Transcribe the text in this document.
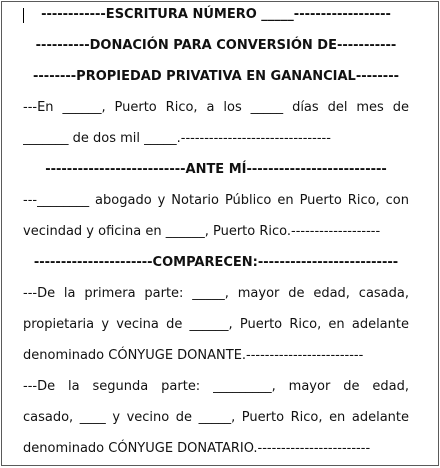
------------ESCRITURA NÚMERO _____------------------
----------DONACIÓN PARA CONVERSIÓN DE-----------
--------PROPIEDAD PRIVATIVA EN GANANCIAL--------
---En ______, Puerto Rico, a los _____ días del mes de
_______ de dos mil _____.--------------------------------
--------------------------ANTE MÍ--------------------------
---________ abogado y Notario Público en Puerto Rico, con
vecindad y oficina en ______, Puerto Rico.-------------------
----------------------COMPARECEN:--------------------------
---De la primera parte: _____, mayor de edad, casada,
propietaria y vecina de ______, Puerto Rico, en adelante
denominado CÓNYUGE DONANTE.-------------------------
---De la segunda parte: _________, mayor de edad,
casado, ____ y vecino de _____, Puerto Rico, en adelante
denominado CÓNYUGE DONATARIO.------------------------
